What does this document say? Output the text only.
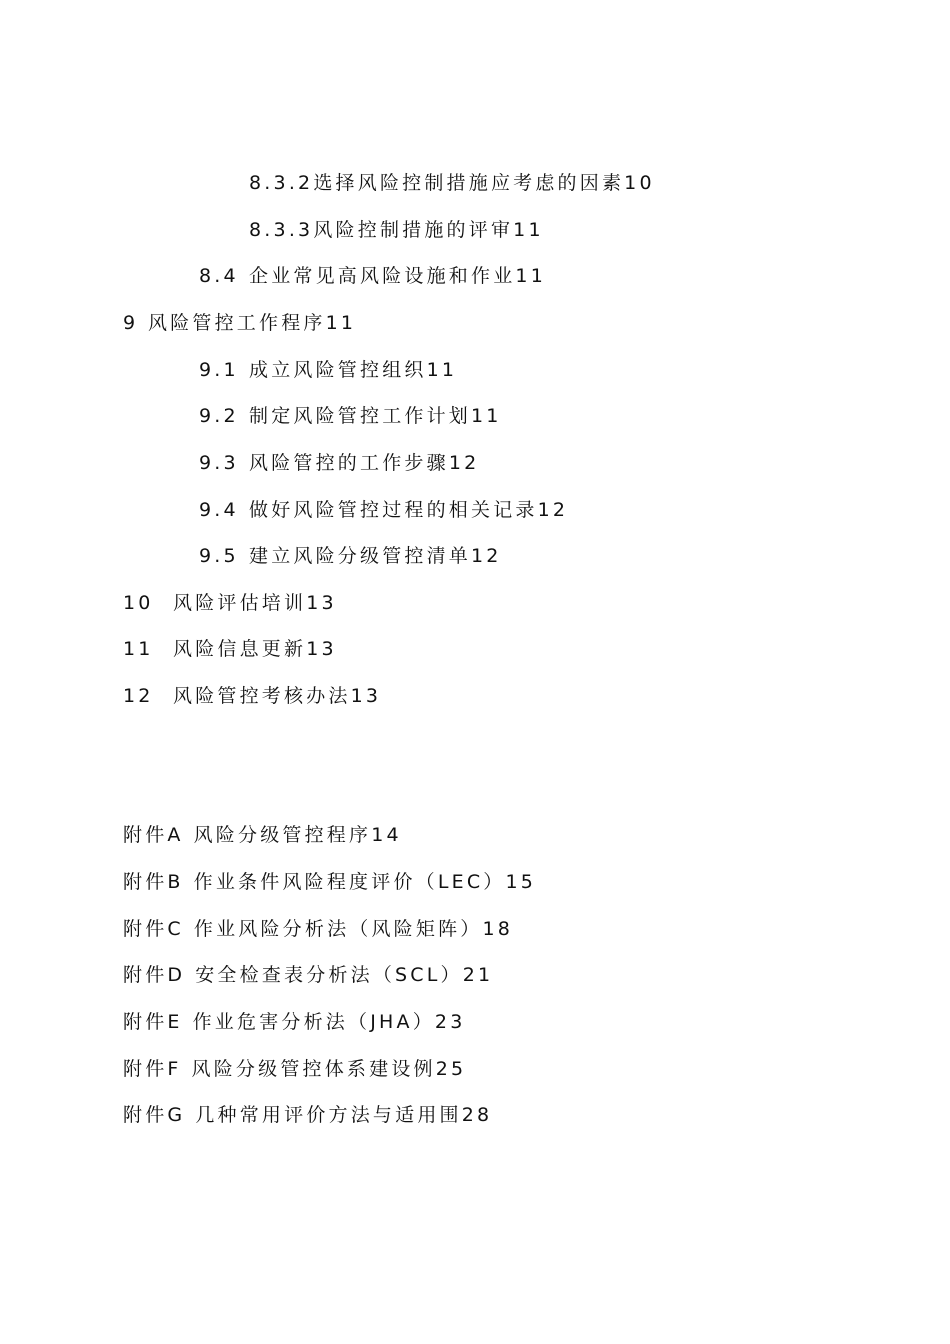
8.3.2选择风险控制措施应考虑的因素10
8.3.3风险控制措施的评审11
8.4 企业常见高风险设施和作业11
9 风险管控工作程序11
9.1 成立风险管控组织11
9.2 制定风险管控工作计划11
9.3 风险管控的工作步骤12
9.4 做好风险管控过程的相关记录12
9.5 建立风险分级管控清单12
10 风险评估培训13
11 风险信息更新13
12 风险管控考核办法13
附件A 风险分级管控程序14
附件B 作业条件风险程度评价（LEC）15
附件C 作业风险分析法（风险矩阵）18
附件D 安全检查表分析法（SCL）21
附件E 作业危害分析法（JHA）23
附件F 风险分级管控体系建设例25
附件G 几种常用评价方法与适用围28
